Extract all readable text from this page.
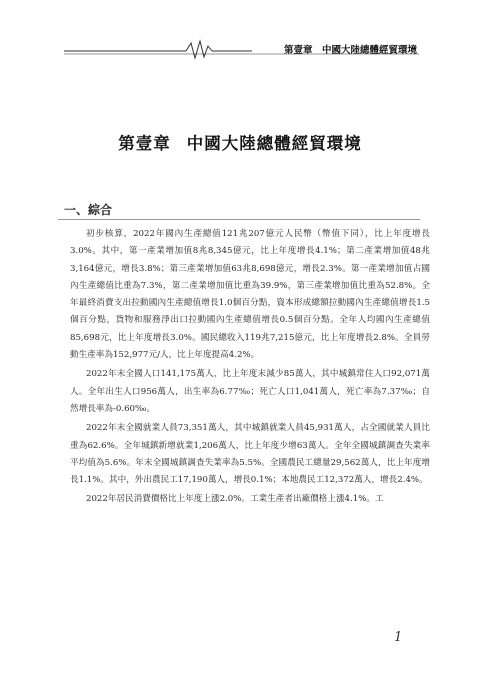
第壹章　中國大陸總體經貿環境
第壹章 中國大陸總體經貿環境
一、綜合

初步核算，2022年國內生產總值121兆207億元人民幣（幣值下同），比上年度增長3.0%。其中，第一產業增加值8兆8,345億元，比上年度增長4.1%；第二產業增加值48兆3,164億元，增長3.8%；第三產業增加值63兆8,698億元，增長2.3%。第一產業增加值占國內生產總值比重為7.3%，第二產業增加值比重為39.9%，第三產業增加值比重為52.8%。全年最終消費支出拉動國內生產總值增長1.0個百分點，資本形成總額拉動國內生產總值增長1.5個百分點，貨物和服務淨出口拉動國內生產總值增長0.5個百分點。全年人均國內生產總值85,698元，比上年度增長3.0%。國民總收入119兆7,215億元，比上年度增長2.8%。全員勞動生產率為152,977元/人，比上年度提高4.2%。

2022年末全國人口141,175萬人，比上年度末減少85萬人，其中城鎮常住人口92,071萬人。全年出生人口956萬人，出生率為6.77‰；死亡人口1,041萬人，死亡率為7.37‰；自然增長率為-0.60‰。

2022年末全國就業人員73,351萬人，其中城鎮就業人員45,931萬人，占全國就業人員比重為62.6%。全年城鎮新增就業1,206萬人，比上年度少增63萬人。全年全國城鎮調查失業率平均值為5.6%。年末全國城鎮調查失業率為5.5%。全國農民工總量29,562萬人，比上年度增長1.1%。其中，外出農民工17,190萬人，增長0.1%；本地農民工12,372萬人，增長2.4%。

2022年居民消費價格比上年度上漲2.0%。工業生產者出廠價格上漲4.1%。工

1
